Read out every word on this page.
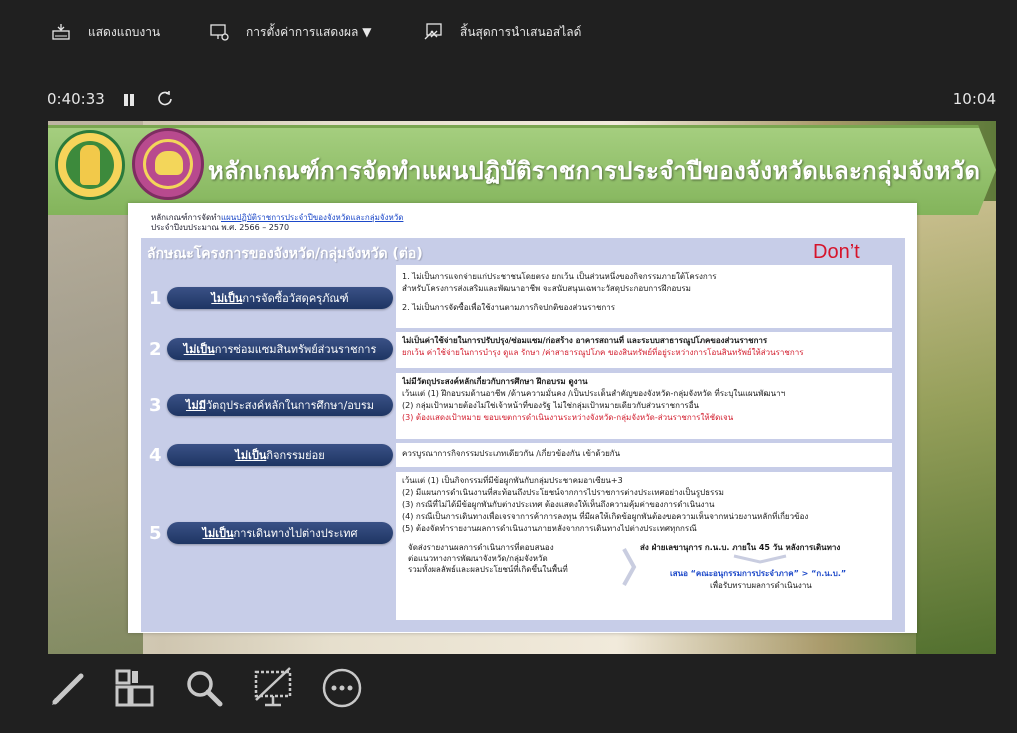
แสดงแถบงาน	การตั้งค่าการแสดงผล ▼	สิ้นสุดการนำเสนอสไลด์
0:40:33	10:04
หลักเกณฑ์การจัดทำแผนปฏิบัติราชการประจำปีของจังหวัดและกลุ่มจังหวัด
หลักเกณฑ์การจัดทำแผนปฏิบัติราชการประจำปีของจังหวัดและกลุ่มจังหวัด
ประจำปีงบประมาณ พ.ศ. 2566 – 2570
ลักษณะโครงการของจังหวัด/กลุ่มจังหวัด (ต่อ)	Don’t
1	ไม่เป็น การจัดซื้อวัสดุครุภัณฑ์
1. ไม่เป็นการแจกจ่ายแก่ประชาชนโดยตรง ยกเว้น เป็นส่วนหนึ่งของกิจกรรมภายใต้โครงการ
สำหรับโครงการส่งเสริมและพัฒนาอาชีพ จะสนับสนุนเฉพาะวัสดุประกอบการฝึกอบรม
2. ไม่เป็นการจัดซื้อเพื่อใช้งานตามภารกิจปกติของส่วนราชการ
2 ไม่เป็น การซ่อมแซมสินทรัพย์ส่วนราชการ
ไม่เป็นค่าใช้จ่ายในการปรับปรุง/ซ่อมแซม/ก่อสร้าง อาคารสถานที่ และระบบสาธารณูปโภคของส่วนราชการ
ยกเว้น ค่าใช้จ่ายในการบำรุง ดูแล รักษา /ค่าสาธารณูปโภค ของสินทรัพย์ที่อยู่ระหว่างการโอนสินทรัพย์ให้ส่วนราชการ
3 ไม่มี วัตถุประสงค์หลักในการศึกษา/อบรม
ไม่มีวัตถุประสงค์หลักเกี่ยวกับการศึกษา ฝึกอบรม ดูงาน
เว้นแต่ (1) ฝึกอบรมด้านอาชีพ /ด้านความมั่นคง /เป็นประเด็นสำคัญของจังหวัด-กลุ่มจังหวัด ที่ระบุในแผนพัฒนาฯ
(2) กลุ่มเป้าหมายต้องไม่ใช่เจ้าหน้าที่ของรัฐ ไม่ใช่กลุ่มเป้าหมายเดียวกับส่วนราชการอื่น
(3) ต้องแสดงเป้าหมาย ขอบเขตการดำเนินงานระหว่างจังหวัด-กลุ่มจังหวัด-ส่วนราชการให้ชัดเจน
4	ไม่เป็น กิจกรรมย่อย	ควรบูรณาการกิจกรรมประเภทเดียวกัน /เกี่ยวข้องกัน เข้าด้วยกัน
5	ไม่เป็น การเดินทางไปต่างประเทศ
เว้นแต่ (1) เป็นกิจกรรมที่มีข้อผูกพันกับกลุ่มประชาคมอาเซียน+3
(2) มีแผนการดำเนินงานที่สะท้อนถึงประโยชน์จากการไปราชการต่างประเทศอย่างเป็นรูปธรรม
(3) กรณีที่ไม่ได้มีข้อผูกพันกับต่างประเทศ ต้องแสดงให้เห็นถึงความคุ้มค่าของการดำเนินงาน
(4) กรณีเป็นการเดินทางเพื่อเจรจาการค้าการลงทุน ที่มีผลให้เกิดข้อผูกพันต้องขอความเห็นจากหน่วยงานหลักที่เกี่ยวข้อง
(5) ต้องจัดทำรายงานผลการดำเนินงานภายหลังจากการเดินทางไปต่างประเทศทุกกรณี
จัดส่งรายงานผลการดำเนินการที่ตอบสนอง
ต่อแนวทางการพัฒนาจังหวัด/กลุ่มจังหวัด
รวมทั้งผลลัพธ์และผลประโยชน์ที่เกิดขึ้นในพื้นที่
ส่ง ฝ่ายเลขานุการ ก.น.บ. ภายใน 45 วัน หลังการเดินทาง
เสนอ “คณะอนุกรรมการประจำภาค” > “ก.น.บ.”
เพื่อรับทราบผลการดำเนินงาน
